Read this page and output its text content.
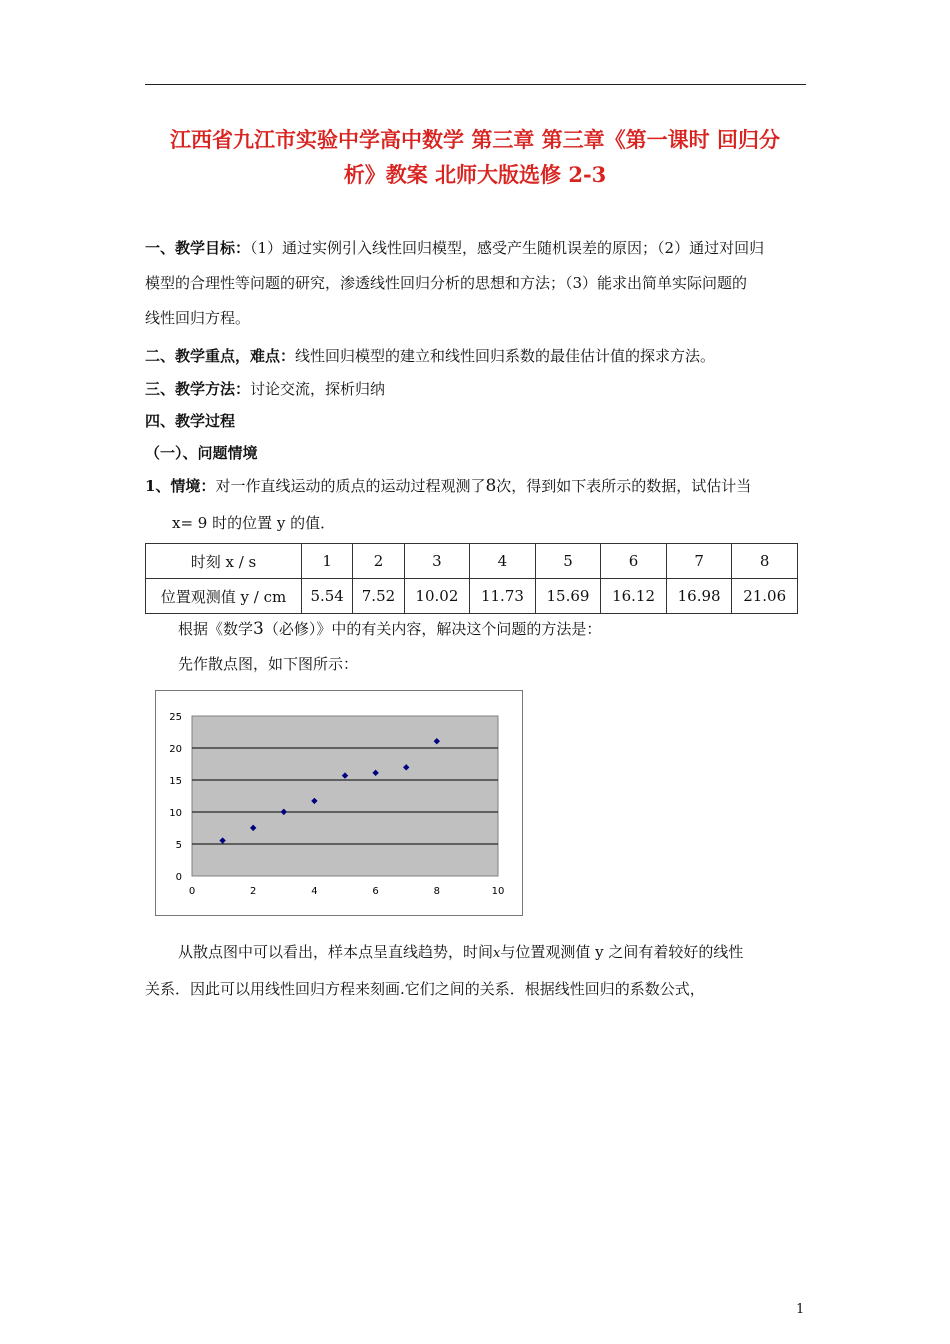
江西省九江市实验中学高中数学 第三章 第三章《第一课时 回归分
析》教案 北师大版选修 2-3
一、教学目标：（1）通过实例引入线性回归模型，感受产生随机误差的原因；（2）通过对回归
模型的合理性等问题的研究，渗透线性回归分析的思想和方法；（3）能求出简单实际问题的
线性回归方程。
二、教学重点，难点：线性回归模型的建立和线性回归系数的最佳估计值的探求方法。
三、教学方法：讨论交流，探析归纳
四、教学过程
（一）、问题情境
1、情境：对一作直线运动的质点的运动过程观测了8次，得到如下表所示的数据，试估计当
x= 9 时的位置 y 的值．
时刻 x / s	1	2	3	4	5	6	7	8
位置观测值 y / cm	5.54	7.52	10.02	11.73	15.69	16.12	16.98	21.06
根据《数学3（必修）》中的有关内容，解决这个问题的方法是：
先作散点图，如下图所示：
0
5
10
15
20
25
0	2	4	6	8	10
从散点图中可以看出，样本点呈直线趋势，时间x与位置观测值 y 之间有着较好的线性
关系．因此可以用线性回归方程来刻画.它们之间的关系．根据线性回归的系数公式，
1
